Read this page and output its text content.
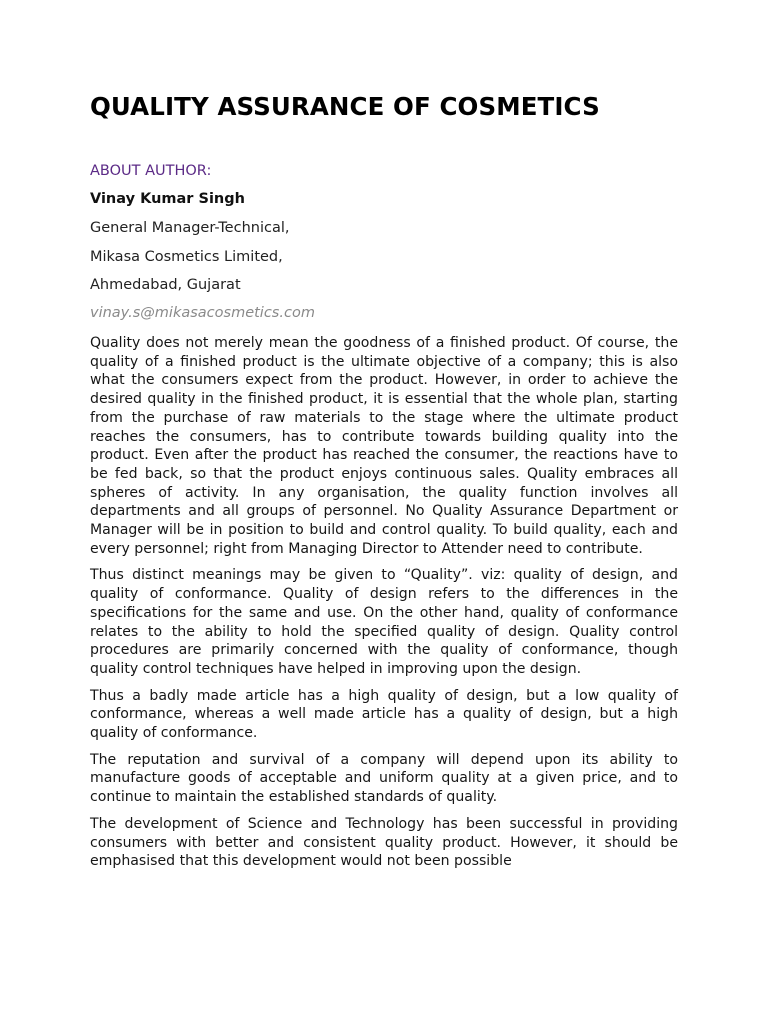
QUALITY ASSURANCE OF COSMETICS
ABOUT AUTHOR:
Vinay Kumar Singh
General Manager-Technical,
Mikasa Cosmetics Limited,
Ahmedabad, Gujarat
vinay.s@mikasacosmetics.com

Quality does not merely mean the goodness of a finished product. Of course, the quality of a finished product is the ultimate objective of a company; this is also what the consumers expect from the product. However, in order to achieve the desired quality in the finished product, it is essential that the whole plan, starting from the purchase of raw materials to the stage where the ultimate product reaches the consumers, has to contribute towards building quality into the product. Even after the product has reached the consumer, the reactions have to be fed back, so that the product enjoys continuous sales. Quality embraces all spheres of activity. In any organisation, the quality function involves all departments and all groups of personnel. No Quality Assurance Department or Manager will be in position to build and control quality. To build quality, each and every personnel; right from Managing Director to Attender need to contribute.

Thus distinct meanings may be given to “Quality”. viz: quality of design, and quality of conformance. Quality of design refers to the differences in the specifications for the same and use. On the other hand, quality of conformance relates to the ability to hold the specified quality of design. Quality control procedures are primarily concerned with the quality of conformance, though quality control techniques have helped in improving upon the design.

Thus a badly made article has a high quality of design, but a low quality of conformance, whereas a well made article has a quality of design, but a high quality of conformance.

The reputation and survival of a company will depend upon its ability to manufacture goods of acceptable and uniform quality at a given price, and to continue to maintain the established standards of quality.

The development of Science and Technology has been successful in providing consumers with better and consistent quality product. However, it should be emphasised that this development would not been possible
